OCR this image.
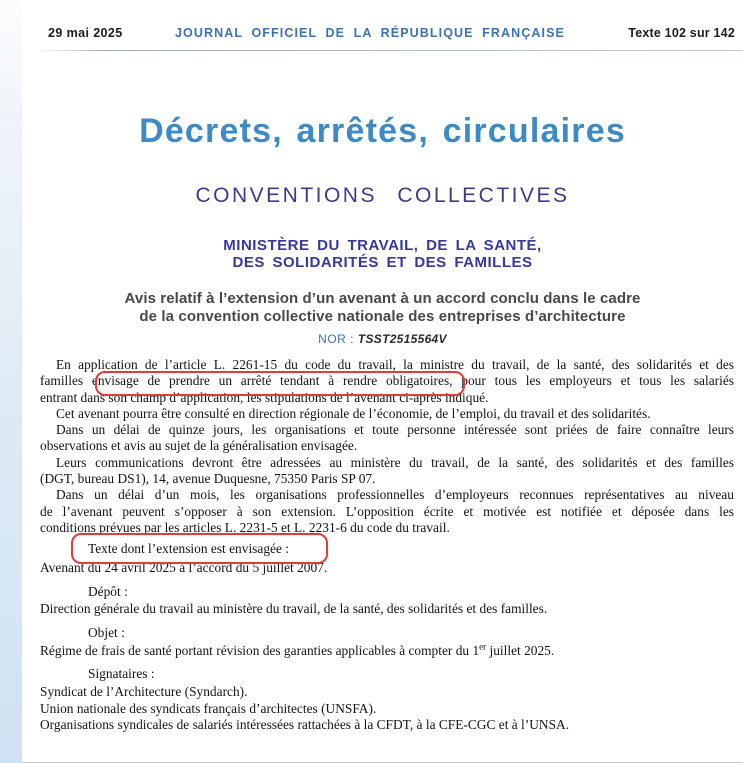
29 mai 2025	JOURNAL OFFICIEL DE LA RÉPUBLIQUE FRANÇAISE	Texte 102 sur 142
Décrets, arrêtés, circulaires
CONVENTIONS COLLECTIVES
MINISTÈRE DU TRAVAIL, DE LA SANTÉ,
DES SOLIDARITÉS ET DES FAMILLES
Avis relatif à l’extension d’un avenant à un accord conclu dans le cadre
de la convention collective nationale des entreprises d’architecture
NOR : TSST2515564V
En application de l’article L. 2261-15 du code du travail, la ministre du travail, de la santé, des solidarités et des
familles envisage de prendre un arrêté tendant à rendre obligatoires, pour tous les employeurs et tous les salariés
entrant dans son champ d’application, les stipulations de l’avenant ci-après indiqué.
Cet avenant pourra être consulté en direction régionale de l’économie, de l’emploi, du travail et des solidarités.
Dans un délai de quinze jours, les organisations et toute personne intéressée sont priées de faire connaître leurs
observations et avis au sujet de la généralisation envisagée.
Leurs communications devront être adressées au ministère du travail, de la santé, des solidarités et des familles
(DGT, bureau DS1), 14, avenue Duquesne, 75350 Paris SP 07.
Dans un délai d’un mois, les organisations professionnelles d’employeurs reconnues représentatives au niveau
de l’avenant peuvent s’opposer à son extension. L’opposition écrite et motivée est notifiée et déposée dans les
conditions prévues par les articles L. 2231-5 et L. 2231-6 du code du travail.
Texte dont l’extension est envisagée :
Avenant du 24 avril 2025 à l’accord du 5 juillet 2007.
Dépôt :
Direction générale du travail au ministère du travail, de la santé, des solidarités et des familles.
Objet :
Régime de frais de santé portant révision des garanties applicables à compter du 1er juillet 2025.
Signataires :
Syndicat de l’Architecture (Syndarch).
Union nationale des syndicats français d’architectes (UNSFA).
Organisations syndicales de salariés intéressées rattachées à la CFDT, à la CFE-CGC et à l’UNSA.
